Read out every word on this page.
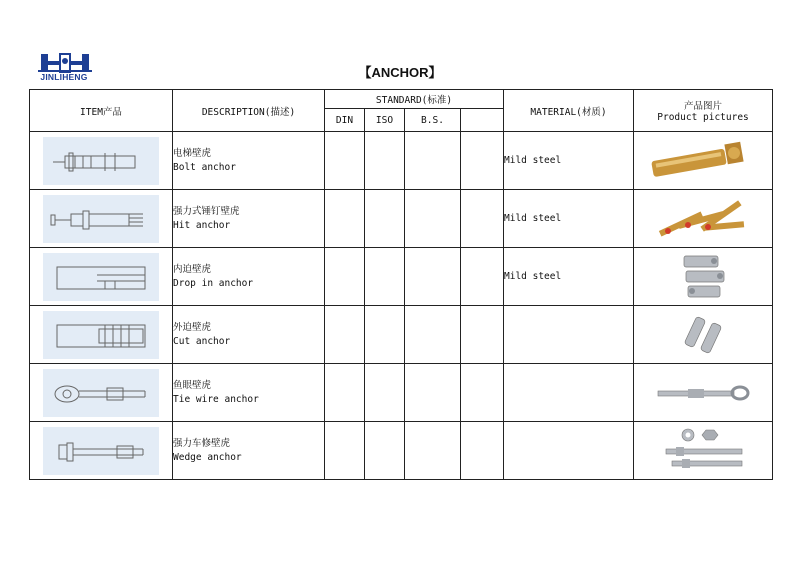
JINLIHENG	【ANCHOR】
ITEM产品	DESCRIPTION(描述)	STANDARD(标准)				MATERIAL(材质)	产品图片
Product pictures

		DIN	ISO	B.S.			

电梯壁虎
Bolt anchor					Mild steel	

强力式锤钉壁虎
Hit anchor					Mild steel	

内迫壁虎
Drop in anchor					Mild steel	

外迫壁虎
Cut anchor

鱼眼壁虎
Tie wire anchor

强力车修壁虎
Wedge anchor
